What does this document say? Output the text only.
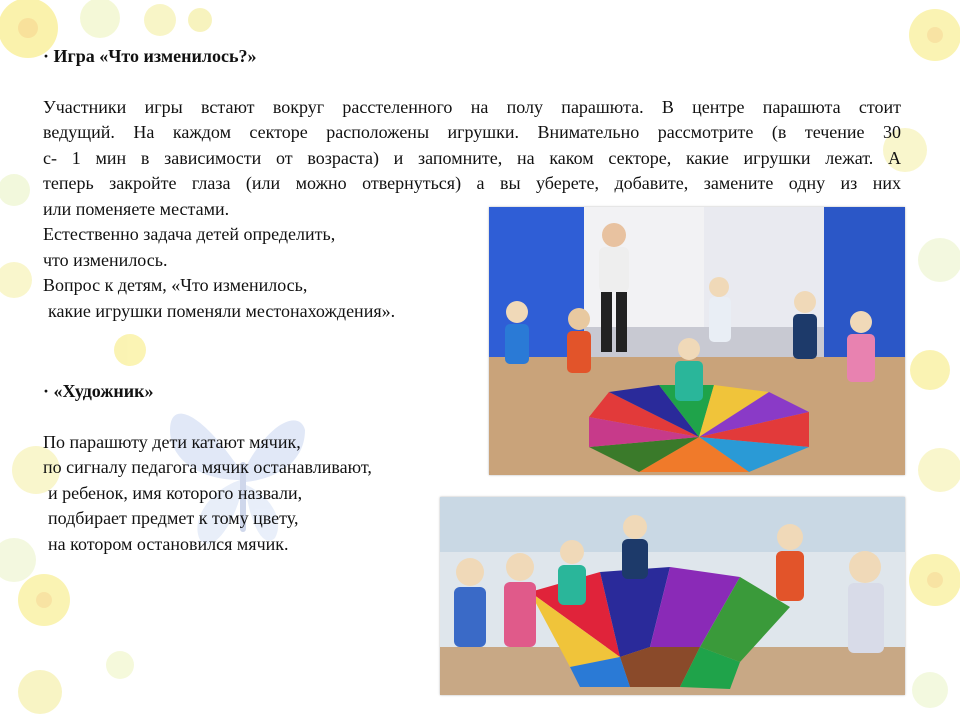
· Игра «Что изменилось?»

Участники игры встают вокруг расстеленного на полу парашюта. В центре парашюта стоит

ведущий. На каждом секторе расположены игрушки. Внимательно рассмотрите (в течение 30

с- 1 мин в зависимости от возраста) и запомните, на каком секторе, какие игрушки лежат. А

теперь закройте глаза (или можно отвернуться) а вы уберете, добавите, замените одну из них

или поменяете местами.

Естественно задача детей определить,

что изменилось.

Вопрос к детям, «Что изменилось,

какие игрушки поменяли местонахождения».

· «Художник»

По парашюту дети катают мячик,

по сигналу педагога мячик останавливают,

и ребенок, имя которого назвали,

подбирает предмет к тому цвету,

на котором остановился мячик.
